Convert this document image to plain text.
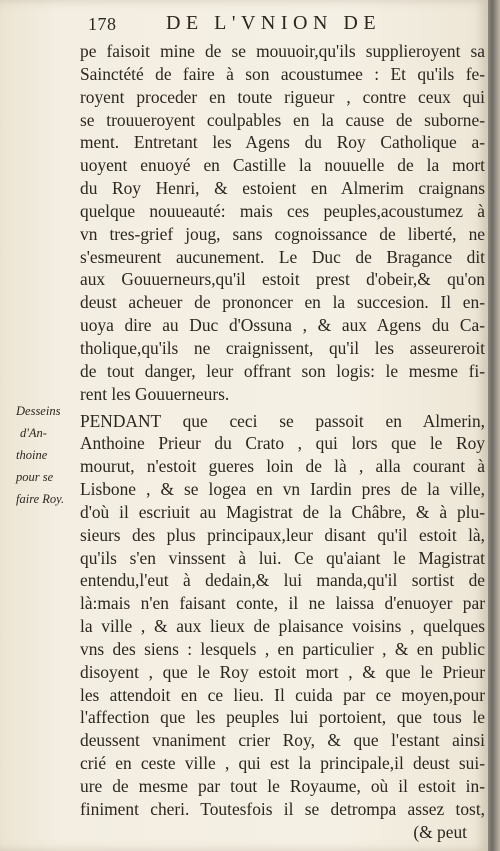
178 DE L'VNION DE
Desseins
d'An-
thoine
pour se
faire Roy.
pe faisoit mine de se mouuoir,qu'ils supplieroyent sa
Sainctété de faire à son acoustumee : Et qu'ils fe-
royent proceder en toute rigueur , contre ceux qui
se trouueroyent coulpables en la cause de suborne-
ment. Entretant les Agens du Roy Catholique a-
uoyent enuoyé en Castille la nouuelle de la mort
du Roy Henri, & estoient en Almerim craignans
quelque nouueauté: mais ces peuples,acoustumez à
vn tres-grief joug, sans cognoissance de liberté, ne
s'esmeurent aucunement. Le Duc de Bragance dit
aux Gouuerneurs,qu'il estoit prest d'obeir,& qu'on
deust acheuer de prononcer en la succesion. Il en-
uoya dire au Duc d'Ossuna , & aux Agens du Ca-
tholique,qu'ils ne craignissent, qu'il les asseureroit
de tout danger, leur offrant son logis: le mesme fi-
rent les Gouuerneurs.
PENDANT que ceci se passoit en Almerin,
Anthoine Prieur du Crato , qui lors que le Roy
mourut, n'estoit gueres loin de là , alla courant à
Lisbone , & se logea en vn Iardin pres de la ville,
d'où il escriuit au Magistrat de la Châbre, & à plu-
sieurs des plus principaux,leur disant qu'il estoit là,
qu'ils s'en vinssent à lui. Ce qu'aiant le Magistrat
entendu,l'eut à dedain,& lui manda,qu'il sortist de
là:mais n'en faisant conte, il ne laissa d'enuoyer par
la ville , & aux lieux de plaisance voisins , quelques
vns des siens : lesquels , en particulier , & en public
disoyent , que le Roy estoit mort , & que le Prieur
les attendoit en ce lieu. Il cuida par ce moyen,pour
l'affection que les peuples lui portoient, que tous le
deussent vnaniment crier Roy, & que l'estant ainsi
crié en ceste ville , qui est la principale,il deust sui-
ure de mesme par tout le Royaume, où il estoit in-
finiment cheri. Toutesfois il se detrompa assez tost,
(& peut
